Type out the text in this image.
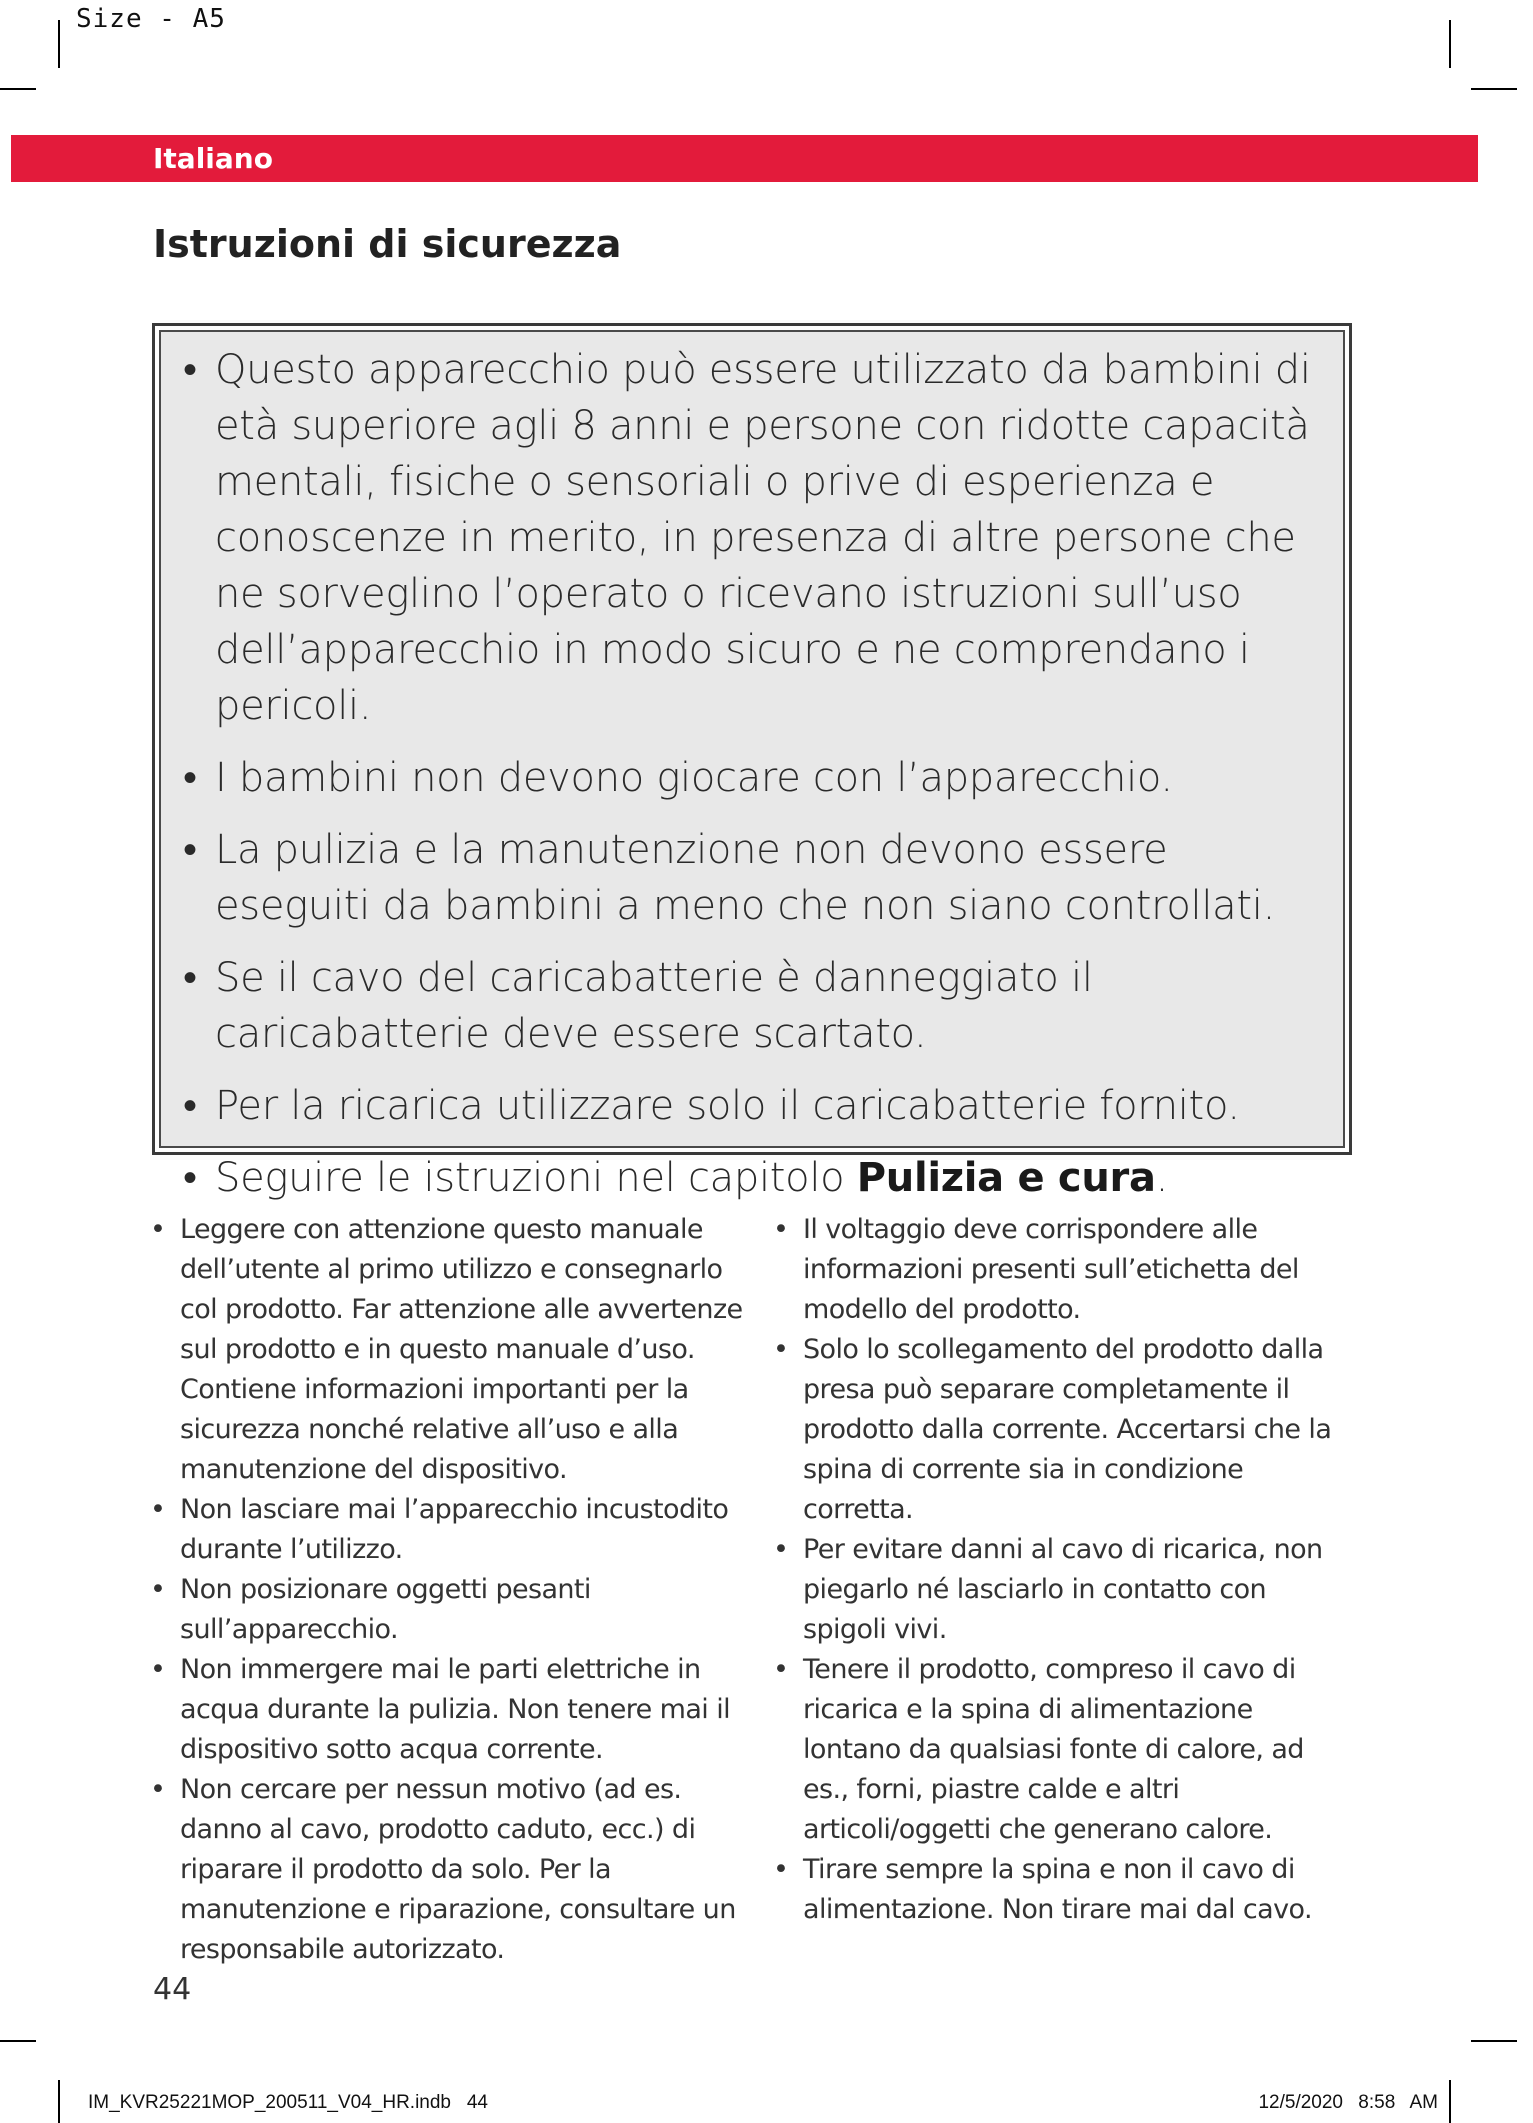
Size - A5
Italiano
Istruzioni di sicurezza
• Questo apparecchio può essere utilizzato da bambini di età superiore agli 8 anni e persone con ridotte capacità mentali, fisiche o sensoriali o prive di esperienza e conoscenze in merito, in presenza di altre persone che ne sorveglino l’operato o ricevano istruzioni sull’uso dell’apparecchio in modo sicuro e ne comprendano i pericoli.
• I bambini non devono giocare con l’apparecchio.
• La pulizia e la manutenzione non devono essere eseguiti da bambini a meno che non siano controllati.
• Se il cavo del caricabatterie è danneggiato il caricabatterie deve essere scartato.
• Per la ricarica utilizzare solo il caricabatterie fornito.
• Seguire le istruzioni nel capitolo Pulizia e cura.
• Leggere con attenzione questo manuale dell’utente al primo utilizzo e consegnarlo col prodotto. Far attenzione alle avvertenze sul prodotto e in questo manuale d’uso. Contiene informazioni importanti per la sicurezza nonché relative all’uso e alla manutenzione del dispositivo.
• Non lasciare mai l’apparecchio incustodito durante l’utilizzo.
• Non posizionare oggetti pesanti sull’apparecchio.
• Non immergere mai le parti elettriche in acqua durante la pulizia. Non tenere mai il dispositivo sotto acqua corrente.
• Non cercare per nessun motivo (ad es. danno al cavo, prodotto caduto, ecc.) di riparare il prodotto da solo. Per la manutenzione e riparazione, consultare un responsabile autorizzato.
• Il voltaggio deve corrispondere alle informazioni presenti sull’etichetta del modello del prodotto.
• Solo lo scollegamento del prodotto dalla presa può separare completamente il prodotto dalla corrente. Accertarsi che la spina di corrente sia in condizione corretta.
• Per evitare danni al cavo di ricarica, non piegarlo né lasciarlo in contatto con spigoli vivi.
• Tenere il prodotto, compreso il cavo di ricarica e la spina di alimentazione lontano da qualsiasi fonte di calore, ad es., forni, piastre calde e altri articoli/oggetti che generano calore.
• Tirare sempre la spina e non il cavo di alimentazione. Non tirare mai dal cavo.
44
IM_KVR25221MOP_200511_V04_HR.indb   44	12/5/2020 8:58 AM
